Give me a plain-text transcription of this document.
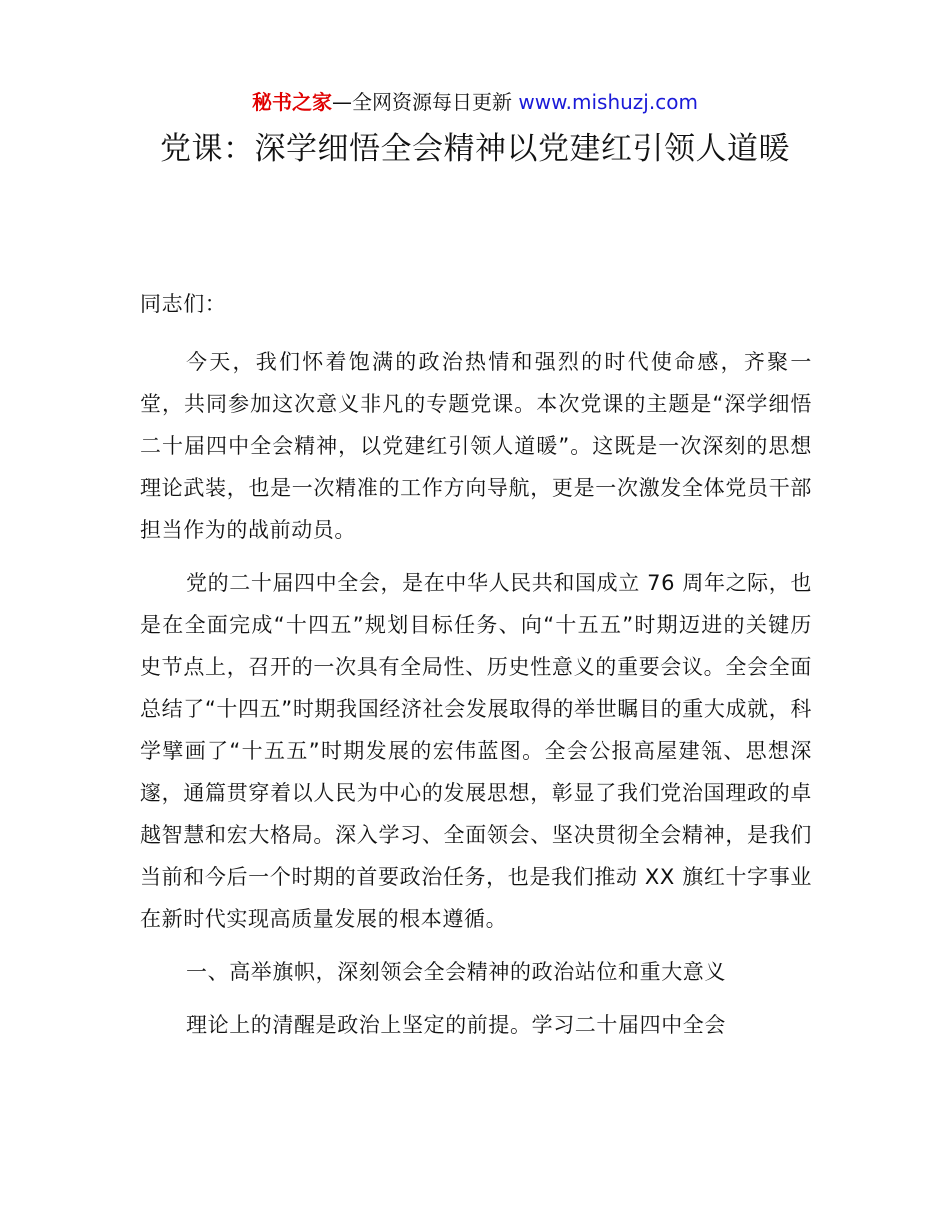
秘书之家—全网资源每日更新 www.mishuzj.com
党课：深学细悟全会精神以党建红引领人道暖

同志们：

今天，我们怀着饱满的政治热情和强烈的时代使命感，齐聚一堂，共同参加这次意义非凡的专题党课。本次党课的主题是“深学细悟二十届四中全会精神，以党建红引领人道暖”。这既是一次深刻的思想理论武装，也是一次精准的工作方向导航，更是一次激发全体党员干部担当作为的战前动员。

党的二十届四中全会，是在中华人民共和国成立 76 周年之际，也是在全面完成“十四五”规划目标任务、向“十五五”时期迈进的关键历史节点上，召开的一次具有全局性、历史性意义的重要会议。全会全面总结了“十四五”时期我国经济社会发展取得的举世瞩目的重大成就，科学擘画了“十五五”时期发展的宏伟蓝图。全会公报高屋建瓴、思想深邃，通篇贯穿着以人民为中心的发展思想，彰显了我们党治国理政的卓越智慧和宏大格局。深入学习、全面领会、坚决贯彻全会精神，是我们当前和今后一个时期的首要政治任务，也是我们推动 XX 旗红十字事业在新时代实现高质量发展的根本遵循。

一、高举旗帜，深刻领会全会精神的政治站位和重大意义

理论上的清醒是政治上坚定的前提。学习二十届四中全会
